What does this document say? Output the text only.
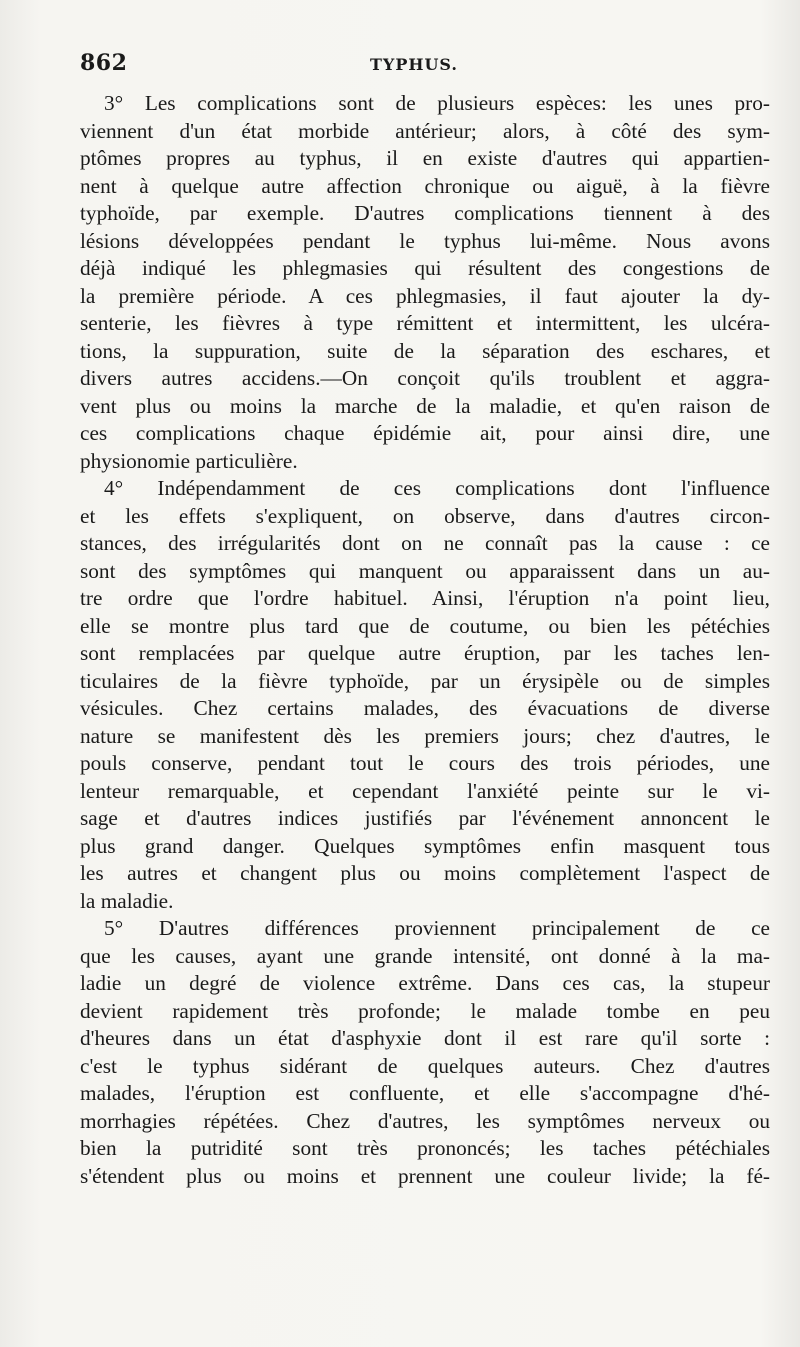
862	TYPHUS.
3° Les complications sont de plusieurs espèces: les unes pro-
viennent d'un état morbide antérieur; alors, à côté des sym-
ptômes propres au typhus, il en existe d'autres qui appartien-
nent à quelque autre affection chronique ou aiguë, à la fièvre
typhoïde, par exemple. D'autres complications tiennent à des
lésions développées pendant le typhus lui-même. Nous avons
déjà indiqué les phlegmasies qui résultent des congestions de
la première période. A ces phlegmasies, il faut ajouter la dy-
senterie, les fièvres à type rémittent et intermittent, les ulcéra-
tions, la suppuration, suite de la séparation des eschares, et
divers autres accidens.—On conçoit qu'ils troublent et aggra-
vent plus ou moins la marche de la maladie, et qu'en raison de
ces complications chaque épidémie ait, pour ainsi dire, une
physionomie particulière.
4° Indépendamment de ces complications dont l'influence
et les effets s'expliquent, on observe, dans d'autres circon-
stances, des irrégularités dont on ne connaît pas la cause : ce
sont des symptômes qui manquent ou apparaissent dans un au-
tre ordre que l'ordre habituel. Ainsi, l'éruption n'a point lieu,
elle se montre plus tard que de coutume, ou bien les pétéchies
sont remplacées par quelque autre éruption, par les taches len-
ticulaires de la fièvre typhoïde, par un érysipèle ou de simples
vésicules. Chez certains malades, des évacuations de diverse
nature se manifestent dès les premiers jours; chez d'autres, le
pouls conserve, pendant tout le cours des trois périodes, une
lenteur remarquable, et cependant l'anxiété peinte sur le vi-
sage et d'autres indices justifiés par l'événement annoncent le
plus grand danger. Quelques symptômes enfin masquent tous
les autres et changent plus ou moins complètement l'aspect de
la maladie.
5° D'autres différences proviennent principalement de ce
que les causes, ayant une grande intensité, ont donné à la ma-
ladie un degré de violence extrême. Dans ces cas, la stupeur
devient rapidement très profonde; le malade tombe en peu
d'heures dans un état d'asphyxie dont il est rare qu'il sorte :
c'est le typhus sidérant de quelques auteurs. Chez d'autres
malades, l'éruption est confluente, et elle s'accompagne d'hé-
morrhagies répétées. Chez d'autres, les symptômes nerveux ou
bien la putridité sont très prononcés; les taches pétéchiales
s'étendent plus ou moins et prennent une couleur livide; la fé-
